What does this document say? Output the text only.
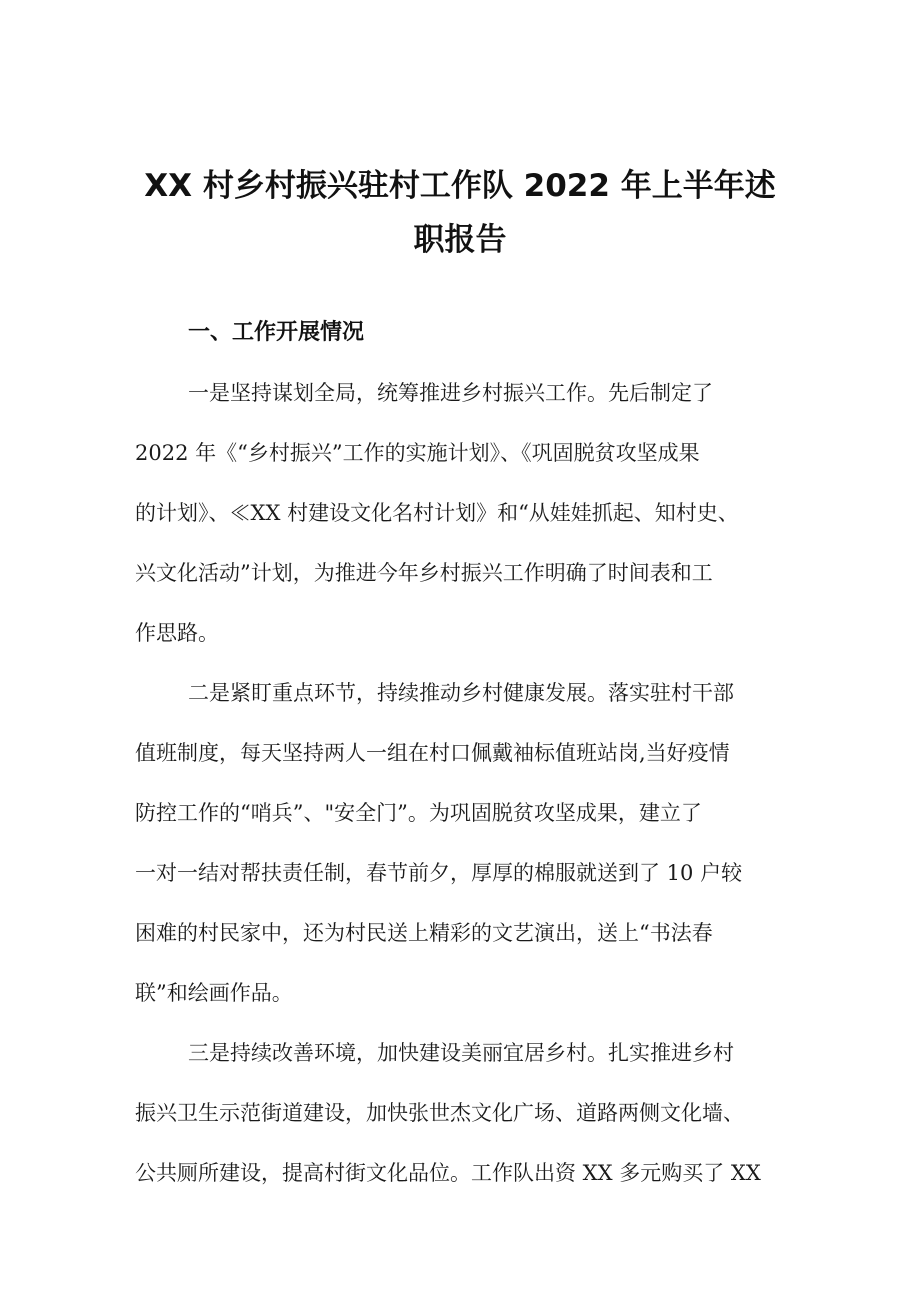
XX 村乡村振兴驻村工作队 2022 年上半年述
职报告
一、工作开展情况

一是坚持谋划全局，统筹推进乡村振兴工作。先后制定了

2022 年《“乡村振兴”工作的实施计划》、《巩固脱贫攻坚成果

的计划》、≪XX 村建设文化名村计划》和“从娃娃抓起、知村史、

兴文化活动”计划，为推进今年乡村振兴工作明确了时间表和工

作思路。

二是紧盯重点环节，持续推动乡村健康发展。落实驻村干部

值班制度，每天坚持两人一组在村口佩戴袖标值班站岗,当好疫情

防控工作的“哨兵”、"安全门”。为巩固脱贫攻坚成果，建立了

一对一结对帮扶责任制，春节前夕，厚厚的棉服就送到了 10 户较

困难的村民家中，还为村民送上精彩的文艺演出，送上“书法春

联”和绘画作品。

三是持续改善环境，加快建设美丽宜居乡村。扎实推进乡村

振兴卫生示范街道建设，加快张世杰文化广场、道路两侧文化墙、

公共厕所建设，提高村街文化品位。工作队出资 XX 多元购买了 XX
